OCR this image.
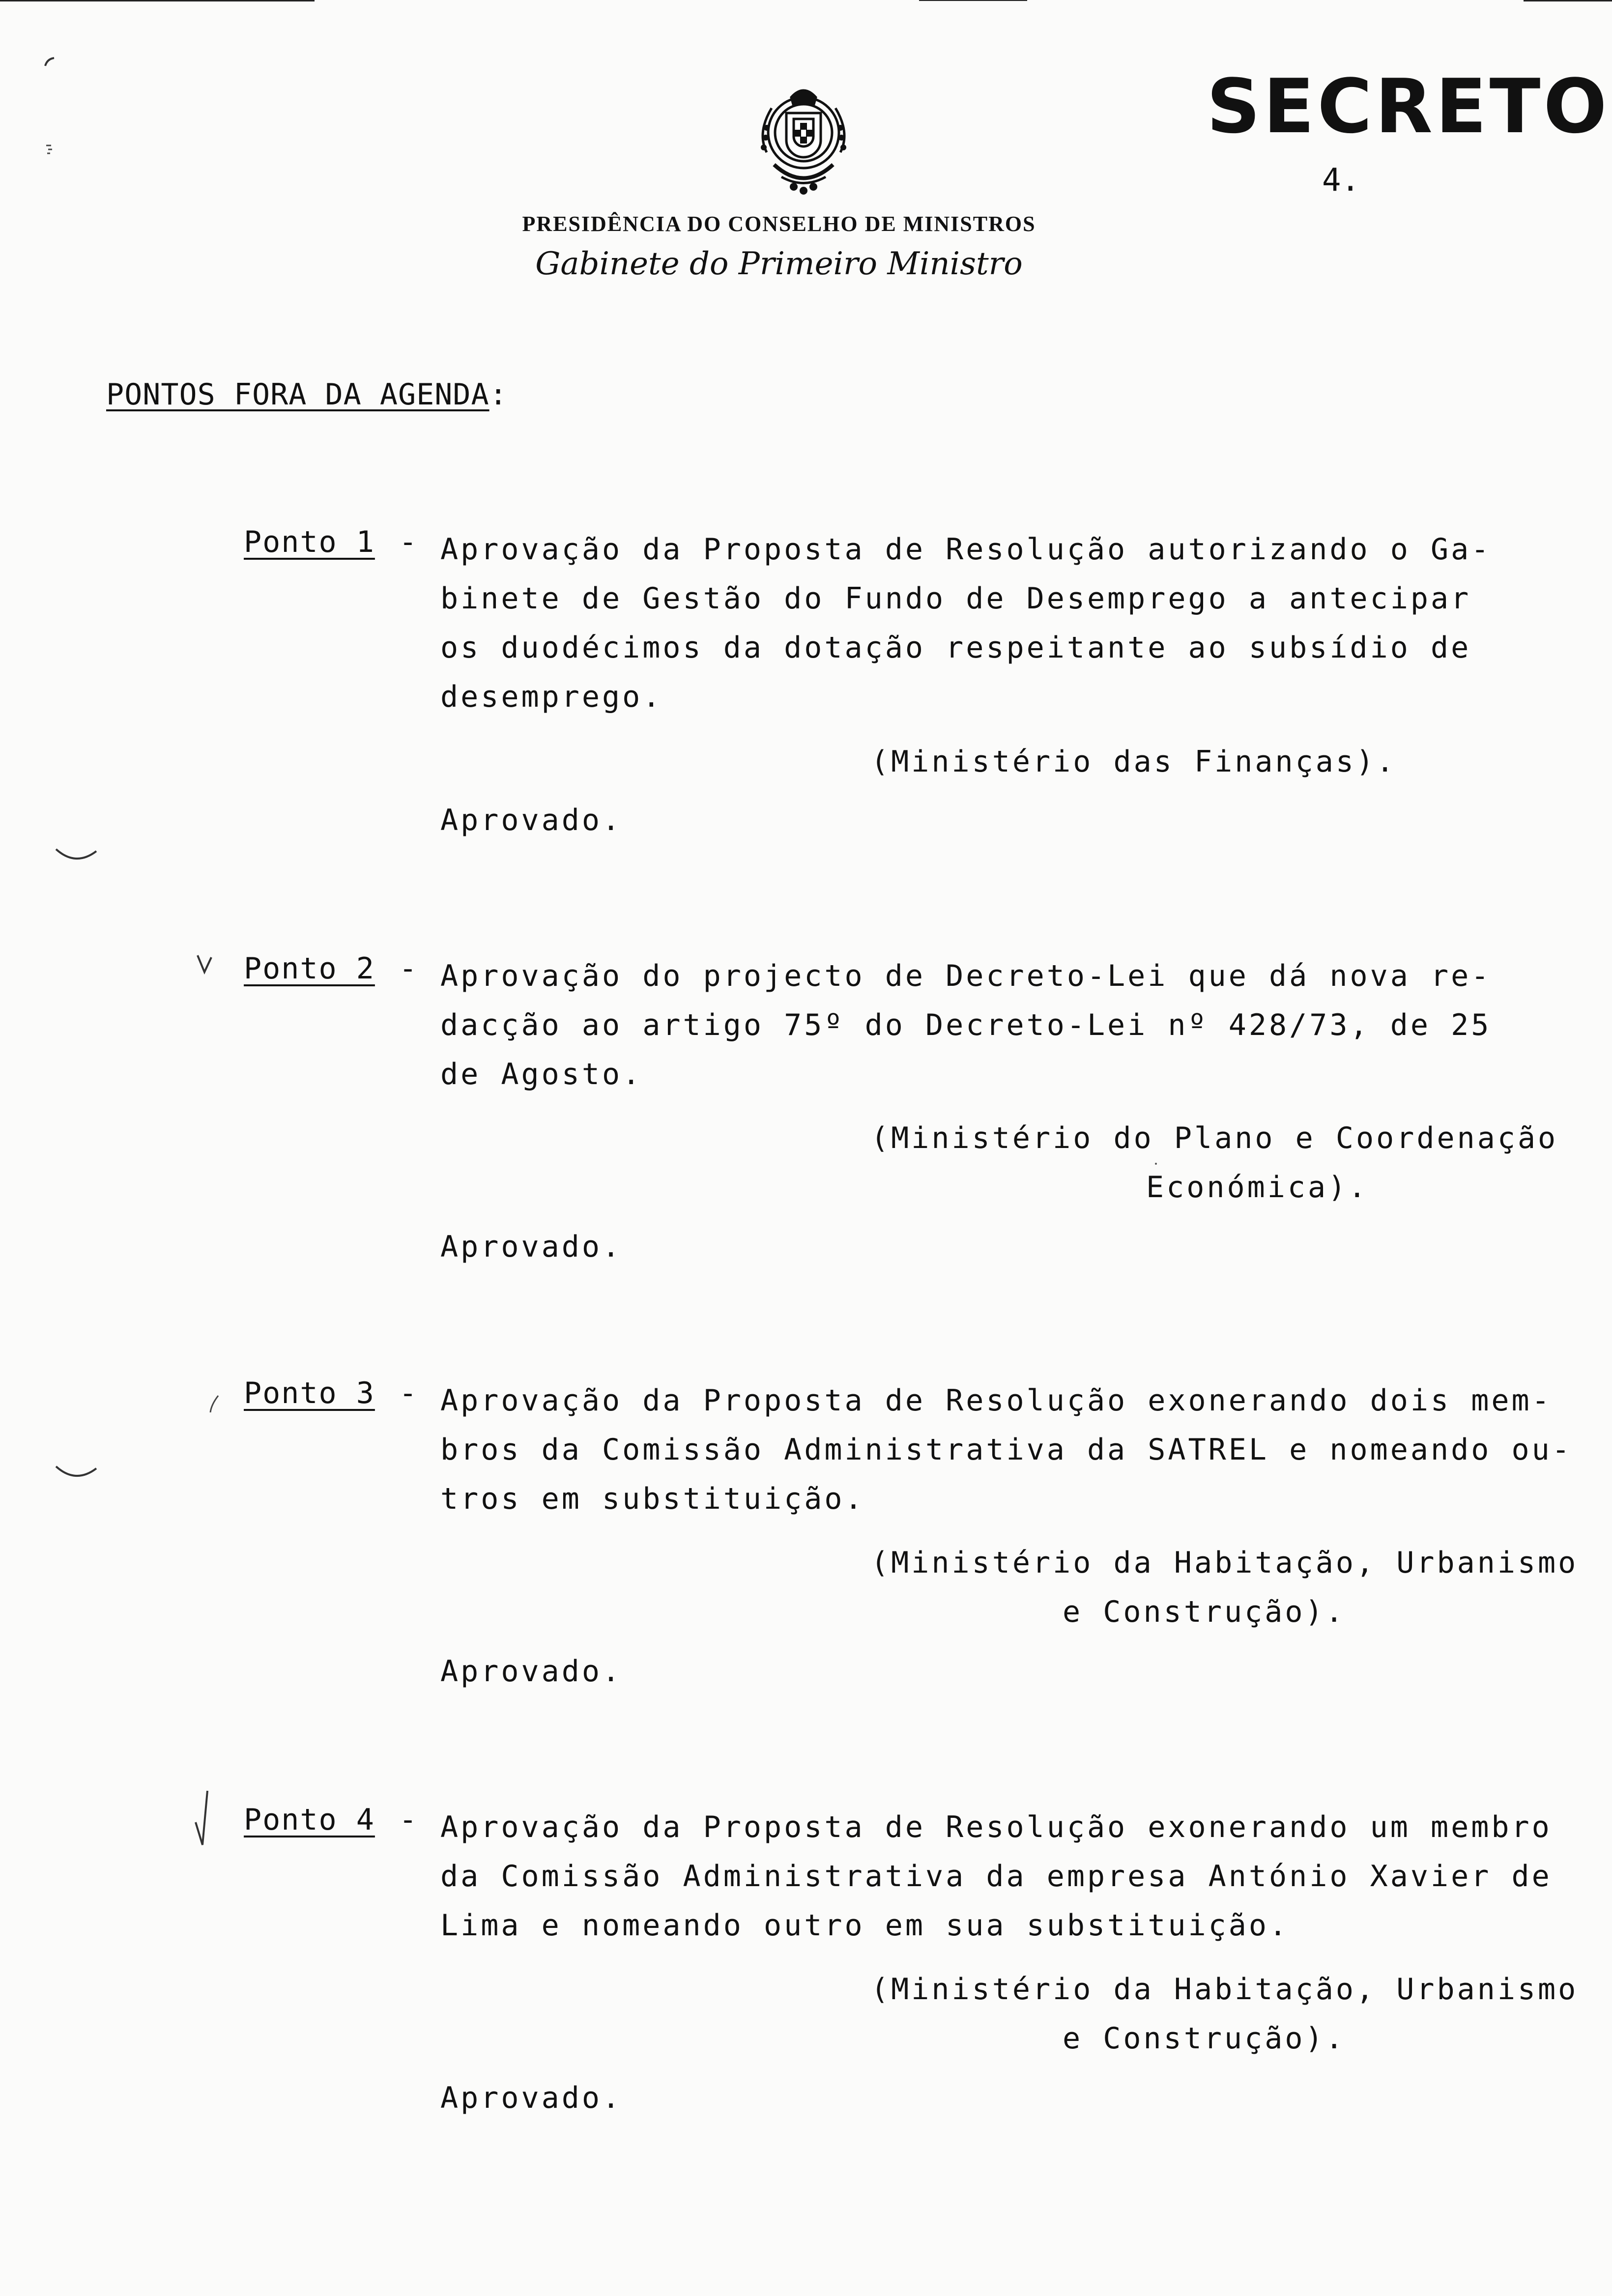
PRESIDÊNCIA DO CONSELHO DE MINISTROS
Gabinete do Primeiro Ministro
SECRETO
4.
PONTOS FORA DA AGENDA:
Ponto 1 - Aprovação da Proposta de Resolução autorizando o Ga-
binete de Gestão do Fundo de Desemprego a antecipar
os duodécimos da dotação respeitante ao subsídio de
desemprego.
(Ministério das Finanças).
Aprovado.
Ponto 2 - Aprovação do projecto de Decreto-Lei que dá nova re-
dacção ao artigo 75º do Decreto-Lei nº 428/73, de 25
de Agosto.
(Ministério do Plano e Coordenação
Económica).
Aprovado.
Ponto 3 - Aprovação da Proposta de Resolução exonerando dois mem-
bros da Comissão Administrativa da SATREL e nomeando ou-
tros em substituição.
(Ministério da Habitação, Urbanismo
e Construção).
Aprovado.
Ponto 4 - Aprovação da Proposta de Resolução exonerando um membro
da Comissão Administrativa da empresa António Xavier de
Lima e nomeando outro em sua substituição.
(Ministério da Habitação, Urbanismo
e Construção).
Aprovado.
